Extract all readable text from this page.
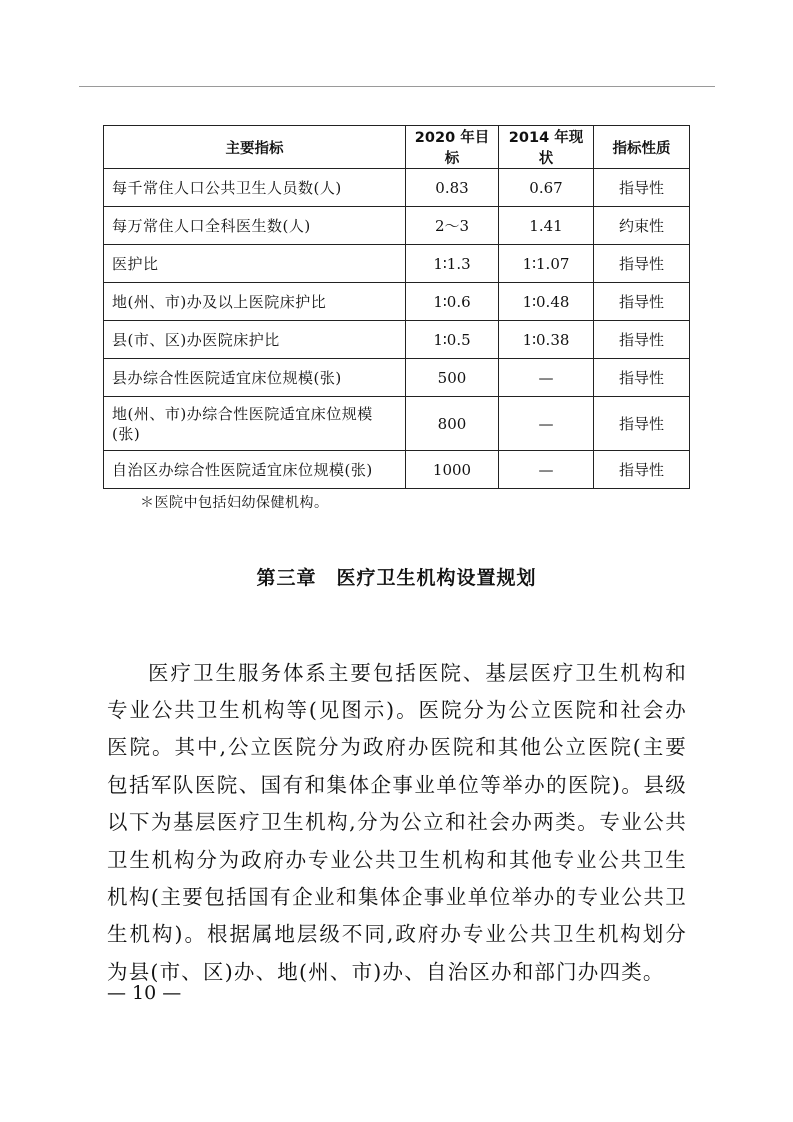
主要指标	2020 年目标	2014 年现状	指标性质
每千常住人口公共卫生人员数(人)	0.83	0.67	指导性
每万常住人口全科医生数(人)	2～3	1.41	约束性
医护比	1∶1.3	1∶1.07	指导性
地(州、市)办及以上医院床护比	1∶0.6	1∶0.48	指导性
县(市、区)办医院床护比	1∶0.5	1∶0.38	指导性
县办综合性医院适宜床位规模(张)	500	—	指导性
地(州、市)办综合性医院适宜床位规模(张)	800	—	指导性
自治区办综合性医院适宜床位规模(张)	1000	—	指导性
＊医院中包括妇幼保健机构。
第三章　医疗卫生机构设置规划

医疗卫生服务体系主要包括医院、基层医疗卫生机构和专业公共卫生机构等(见图示)。医院分为公立医院和社会办医院。其中,公立医院分为政府办医院和其他公立医院(主要包括军队医院、国有和集体企事业单位等举办的医院)。县级以下为基层医疗卫生机构,分为公立和社会办两类。专业公共卫生机构分为政府办专业公共卫生机构和其他专业公共卫生机构(主要包括国有企业和集体企事业单位举办的专业公共卫生机构)。根据属地层级不同,政府办专业公共卫生机构划分为县(市、区)办、地(州、市)办、自治区办和部门办四类。

— 10 —
